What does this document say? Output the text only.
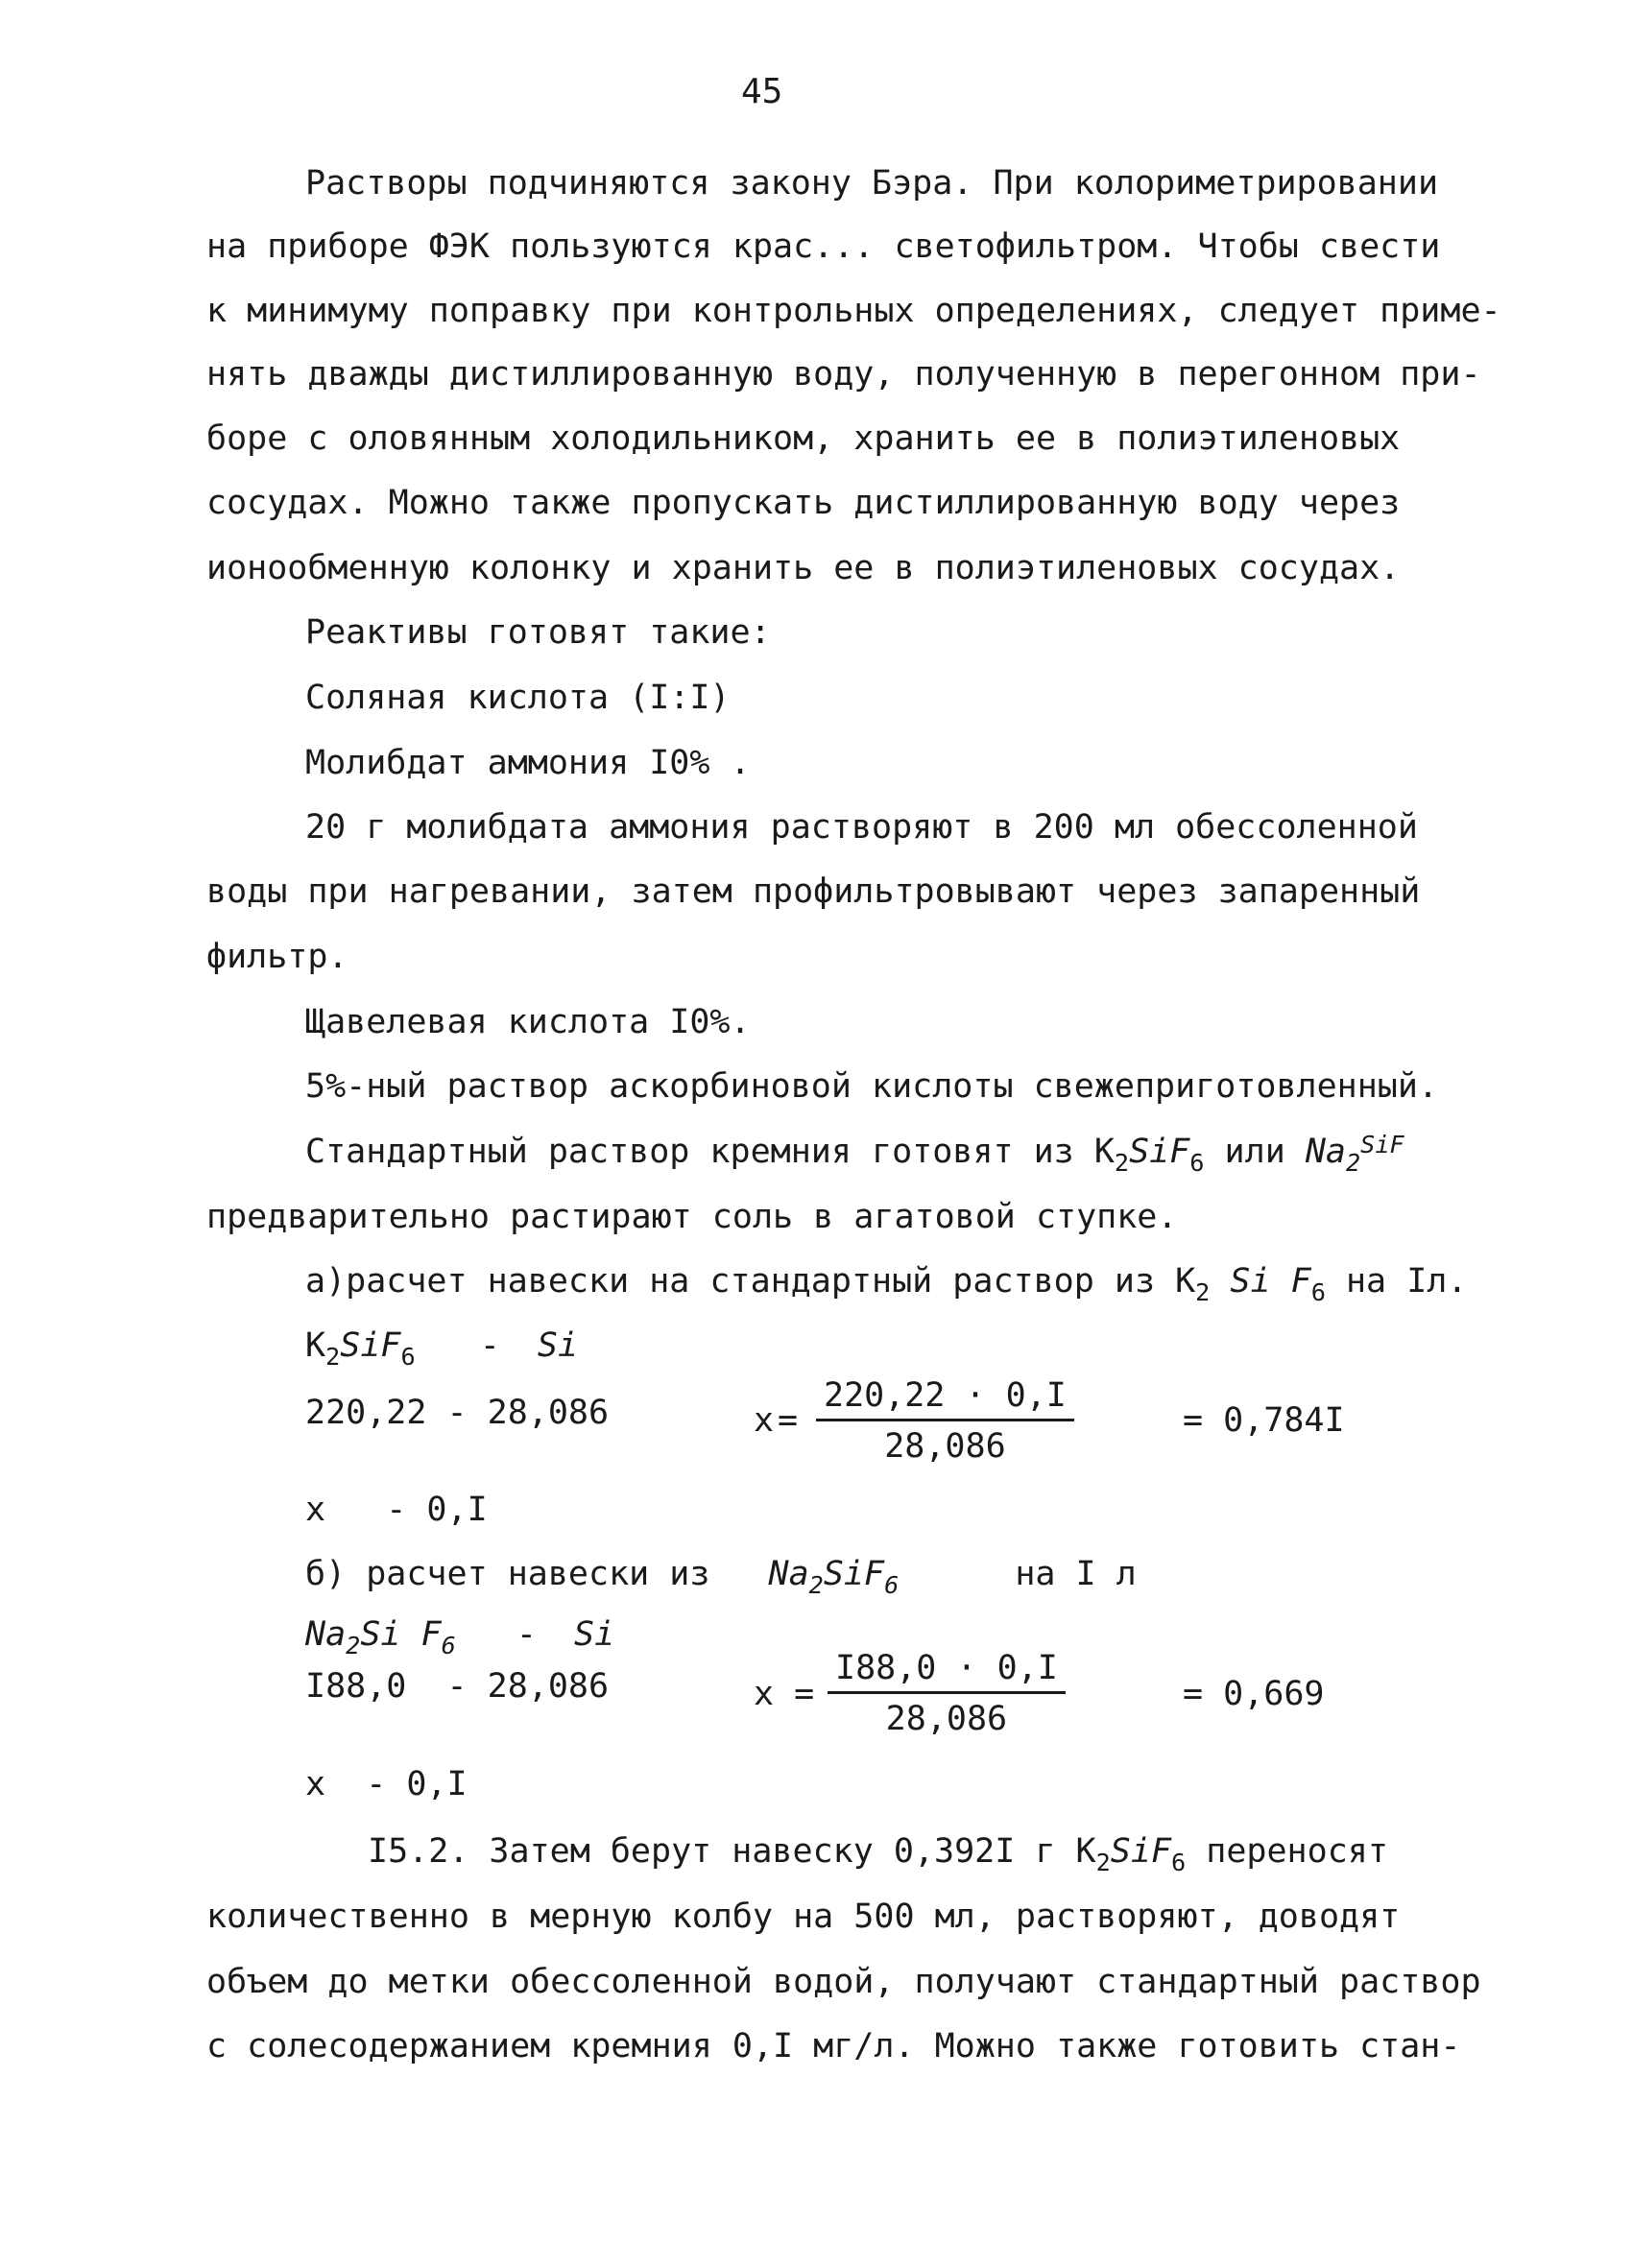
45
Растворы подчиняются закону Бэра. При колориметрировании
на приборе ФЭК пользуются крас... светофильтром. Чтобы свести
к минимуму поправку при контрольных определениях, следует приме-
нять дважды дистиллированную воду, полученную в перегонном при-
боре с оловянным холодильником, хранить ее в полиэтиленовых
сосудах. Можно также пропускать дистиллированную воду через
ионообменную колонку и хранить ее в полиэтиленовых сосудах.
Реактивы готовят такие:
Соляная кислота (I:I)
Молибдат аммония I0% .
20 г молибдата аммония растворяют в 200 мл обессоленной
воды при нагревании, затем профильтровывают через запаренный
фильтр.
Щавелевая кислота I0%.
5%-ный раствор аскорбиновой кислоты свежеприготовленный.
Стандартный раствор кремния готовят из $K_2SiF_6$ или $Na_2^{SiF}$
предварительно растирают соль в агатовой ступке.
а)расчет навески на стандартный раствор из $K_2$ Si $F_6$ на Iл.
$K_2SiF_6$ - Si
220,22 - 28,086	$x = \frac{220,22 \cdot 0,I}{28,086}$	= 0,784I
x   - 0,I
б) расчет навески из $Na_2SiF_6$	на I л
$Na_2Si$ $F_6$ - Si
I88,0  - 28,086	$x = \frac{I88,0 \cdot 0,I}{28,086}$	= 0,669
x  - 0,I
I5.2. Затем берут навеску 0,392I г $K_2SiF_6$ переносят
количественно в мерную колбу на 500 мл, растворяют, доводят
объем до метки обессоленной водой, получают стандартный раствор
с солесодержанием кремния 0,I мг/л. Можно также готовить стан-
